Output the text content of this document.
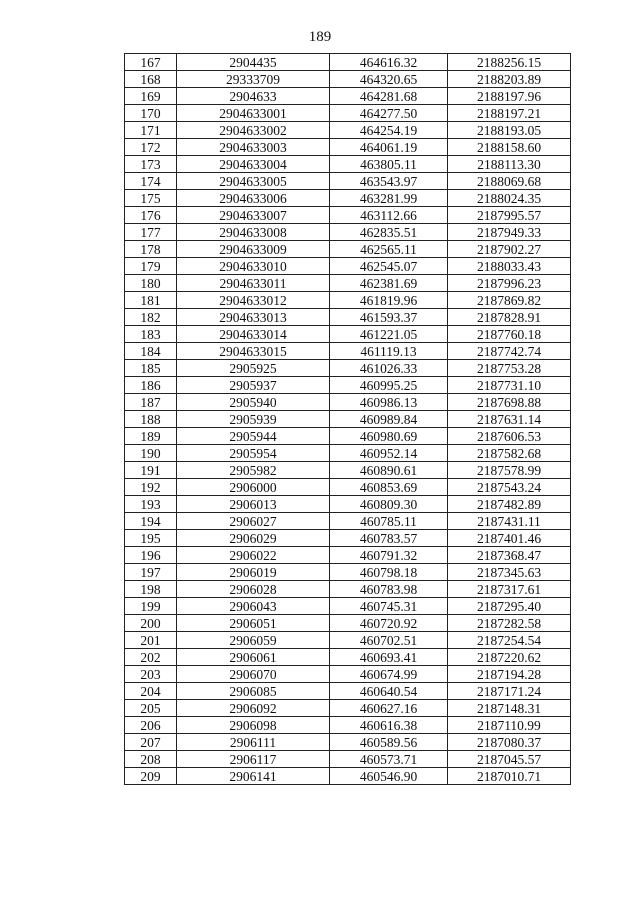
189
167	2904435	464616.32	2188256.15
168	29333709	464320.65	2188203.89
169	2904633	464281.68	2188197.96
170	2904633001	464277.50	2188197.21
171	2904633002	464254.19	2188193.05
172	2904633003	464061.19	2188158.60
173	2904633004	463805.11	2188113.30
174	2904633005	463543.97	2188069.68
175	2904633006	463281.99	2188024.35
176	2904633007	463112.66	2187995.57
177	2904633008	462835.51	2187949.33
178	2904633009	462565.11	2187902.27
179	2904633010	462545.07	2188033.43
180	2904633011	462381.69	2187996.23
181	2904633012	461819.96	2187869.82
182	2904633013	461593.37	2187828.91
183	2904633014	461221.05	2187760.18
184	2904633015	461119.13	2187742.74
185	2905925	461026.33	2187753.28
186	2905937	460995.25	2187731.10
187	2905940	460986.13	2187698.88
188	2905939	460989.84	2187631.14
189	2905944	460980.69	2187606.53
190	2905954	460952.14	2187582.68
191	2905982	460890.61	2187578.99
192	2906000	460853.69	2187543.24
193	2906013	460809.30	2187482.89
194	2906027	460785.11	2187431.11
195	2906029	460783.57	2187401.46
196	2906022	460791.32	2187368.47
197	2906019	460798.18	2187345.63
198	2906028	460783.98	2187317.61
199	2906043	460745.31	2187295.40
200	2906051	460720.92	2187282.58
201	2906059	460702.51	2187254.54
202	2906061	460693.41	2187220.62
203	2906070	460674.99	2187194.28
204	2906085	460640.54	2187171.24
205	2906092	460627.16	2187148.31
206	2906098	460616.38	2187110.99
207	2906111	460589.56	2187080.37
208	2906117	460573.71	2187045.57
209	2906141	460546.90	2187010.71
